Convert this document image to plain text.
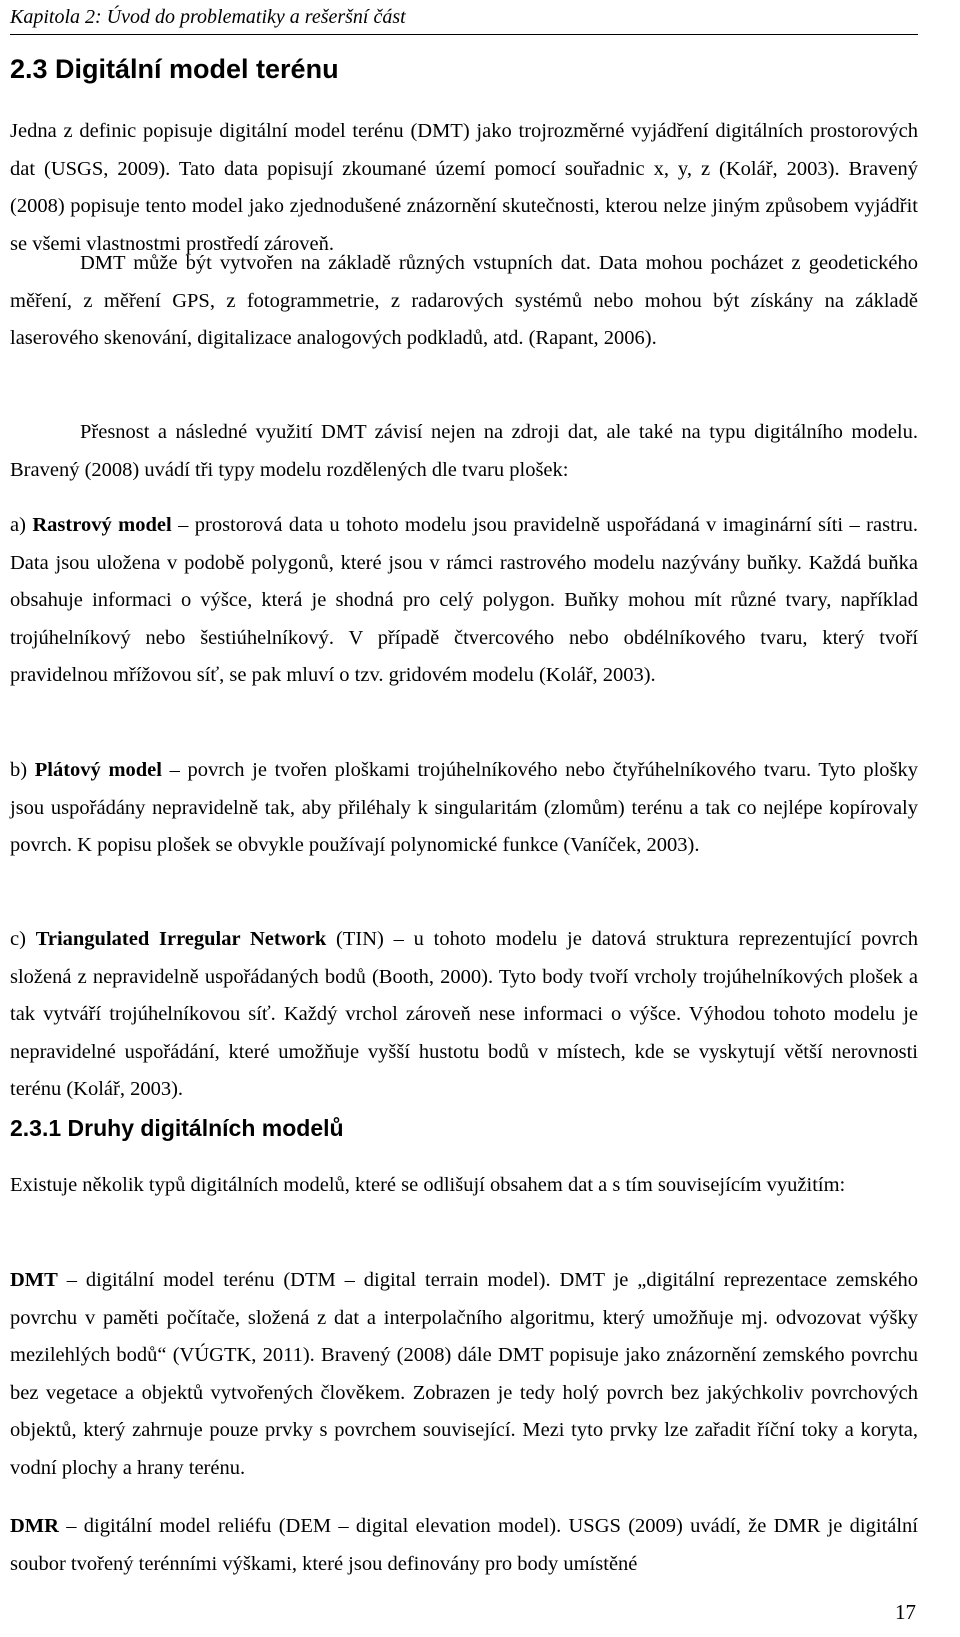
Kapitola 2: Úvod do problematiky a rešeršní část
2.3 Digitální model terénu

Jedna z definic popisuje digitální model terénu (DMT) jako trojrozměrné vyjádření digitálních prostorových dat (USGS, 2009). Tato data popisují zkoumané území pomocí souřadnic x, y, z (Kolář, 2003). Bravený (2008) popisuje tento model jako zjednodušené znázornění skutečnosti, kterou nelze jiným způsobem vyjádřit se všemi vlastnostmi prostředí zároveň.

DMT může být vytvořen na základě různých vstupních dat. Data mohou pocházet z geodetického měření, z měření GPS, z fotogrammetrie, z radarových systémů nebo mohou být získány na základě laserového skenování, digitalizace analogových podkladů, atd. (Rapant, 2006).

Přesnost a následné využití DMT závisí nejen na zdroji dat, ale také na typu digitálního modelu. Bravený (2008) uvádí tři typy modelu rozdělených dle tvaru plošek:

a) Rastrový model – prostorová data u tohoto modelu jsou pravidelně uspořádaná v imaginární síti – rastru. Data jsou uložena v podobě polygonů, které jsou v rámci rastrového modelu nazývány buňky. Každá buňka obsahuje informaci o výšce, která je shodná pro celý polygon. Buňky mohou mít různé tvary, například trojúhelníkový nebo šestiúhelníkový. V případě čtvercového nebo obdélníkového tvaru, který tvoří pravidelnou mřížovou síť, se pak mluví o tzv. gridovém modelu (Kolář, 2003).

b) Plátový model – povrch je tvořen ploškami trojúhelníkového nebo čtyřúhelníkového tvaru. Tyto plošky jsou uspořádány nepravidelně tak, aby přiléhaly k singularitám (zlomům) terénu a tak co nejlépe kopírovaly povrch. K popisu plošek se obvykle používají polynomické funkce (Vaníček, 2003).

c) Triangulated Irregular Network (TIN) – u tohoto modelu je datová struktura reprezentující povrch složená z nepravidelně uspořádaných bodů (Booth, 2000). Tyto body tvoří vrcholy trojúhelníkových plošek a tak vytváří trojúhelníkovou síť. Každý vrchol zároveň nese informaci o výšce. Výhodou tohoto modelu je nepravidelné uspořádání, které umožňuje vyšší hustotu bodů v místech, kde se vyskytují větší nerovnosti terénu (Kolář, 2003).

2.3.1 Druhy digitálních modelů

Existuje několik typů digitálních modelů, které se odlišují obsahem dat a s tím souvisejícím využitím:

DMT – digitální model terénu (DTM – digital terrain model). DMT je „digitální reprezentace zemského povrchu v paměti počítače, složená z dat a interpolačního algoritmu, který umožňuje mj. odvozovat výšky mezilehlých bodů“ (VÚGTK, 2011). Bravený (2008) dále DMT popisuje jako znázornění zemského povrchu bez vegetace a objektů vytvořených člověkem. Zobrazen je tedy holý povrch bez jakýchkoliv povrchových objektů, který zahrnuje pouze prvky s povrchem související. Mezi tyto prvky lze zařadit říční toky a koryta, vodní plochy a hrany terénu.

DMR – digitální model reliéfu (DEM – digital elevation model). USGS (2009) uvádí, že DMR je digitální soubor tvořený terénními výškami, které jsou definovány pro body umístěné

17
